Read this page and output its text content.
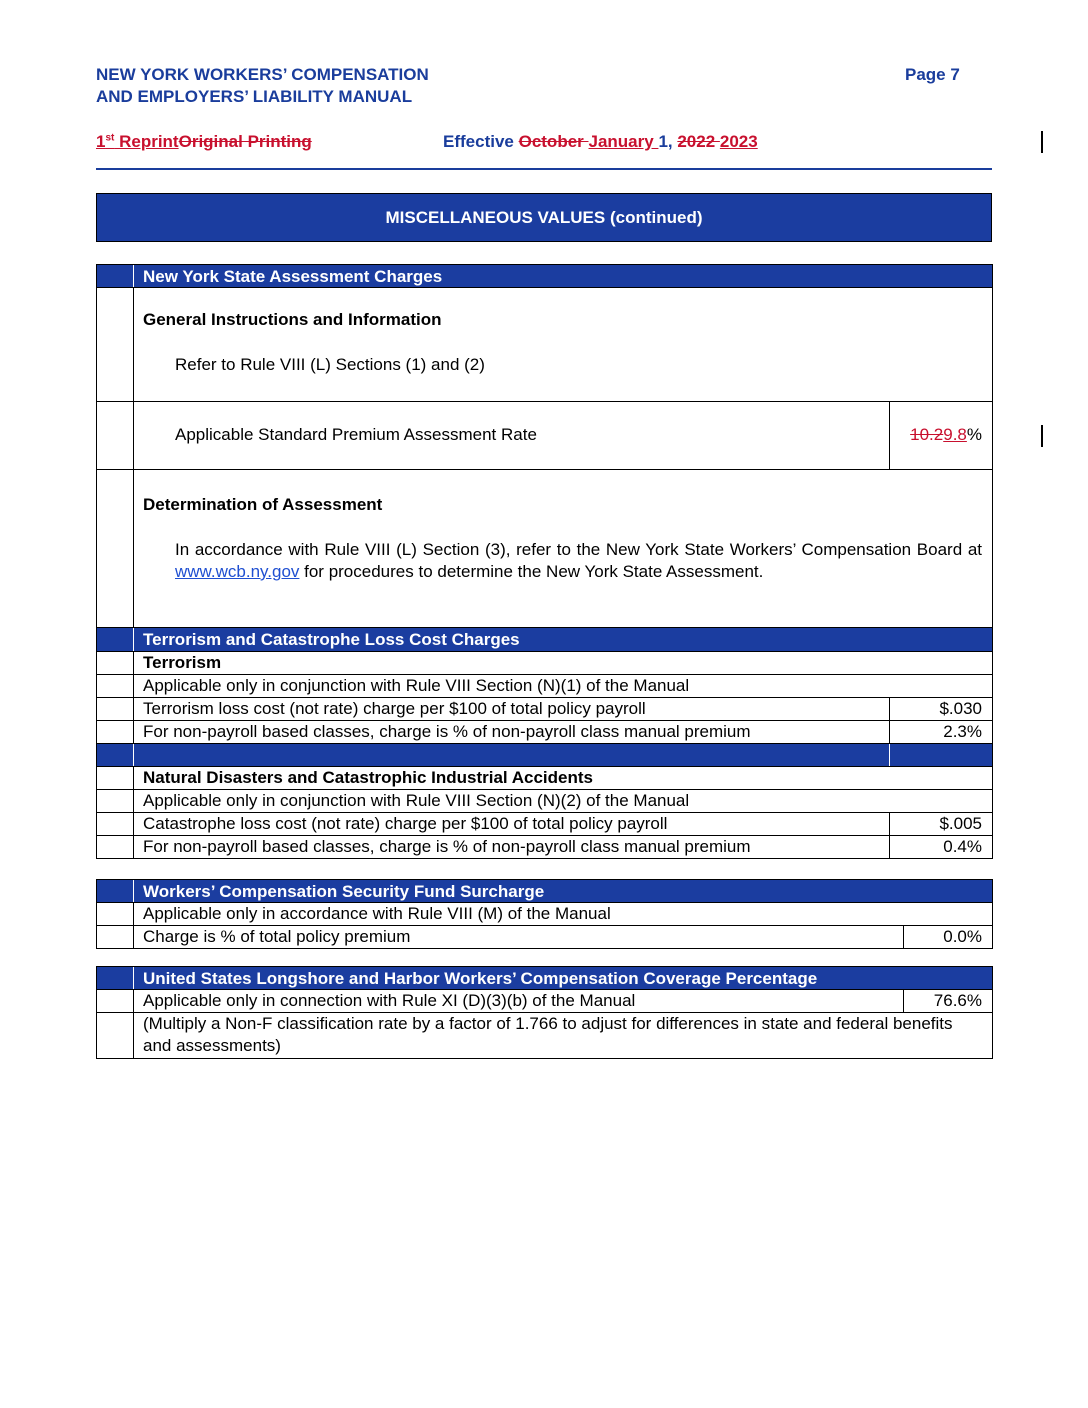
NEW YORK WORKERS’ COMPENSATION
AND EMPLOYERS’ LIABILITY MANUAL
Page 7
1st ReprintOriginal Printing	Effective October January 1, 2022 2023
MISCELLANEOUS VALUES (continued)
New York State Assessment Charges
General Instructions and Information
Refer to Rule VIII (L) Sections (1) and (2)
Applicable Standard Premium Assessment Rate	10.29.8%
Determination of Assessment
In accordance with Rule VIII (L) Section (3), refer to the New York State Workers’ Compensation Board at www.wcb.ny.gov for procedures to determine the New York State Assessment.
Terrorism and Catastrophe Loss Cost Charges
Terrorism
Applicable only in conjunction with Rule VIII Section (N)(1) of the Manual
Terrorism loss cost (not rate) charge per $100 of total policy payroll	$.030
For non-payroll based classes, charge is % of non-payroll class manual premium	2.3%
Natural Disasters and Catastrophic Industrial Accidents
Applicable only in conjunction with Rule VIII Section (N)(2) of the Manual
Catastrophe loss cost (not rate) charge per $100 of total policy payroll	$.005
For non-payroll based classes, charge is % of non-payroll class manual premium	0.4%
Workers’ Compensation Security Fund Surcharge
Applicable only in accordance with Rule VIII (M) of the Manual
Charge is % of total policy premium	0.0%
United States Longshore and Harbor Workers’ Compensation Coverage Percentage
Applicable only in connection with Rule XI (D)(3)(b) of the Manual	76.6%
(Multiply a Non-F classification rate by a factor of 1.766 to adjust for differences in state and federal benefits and assessments)
